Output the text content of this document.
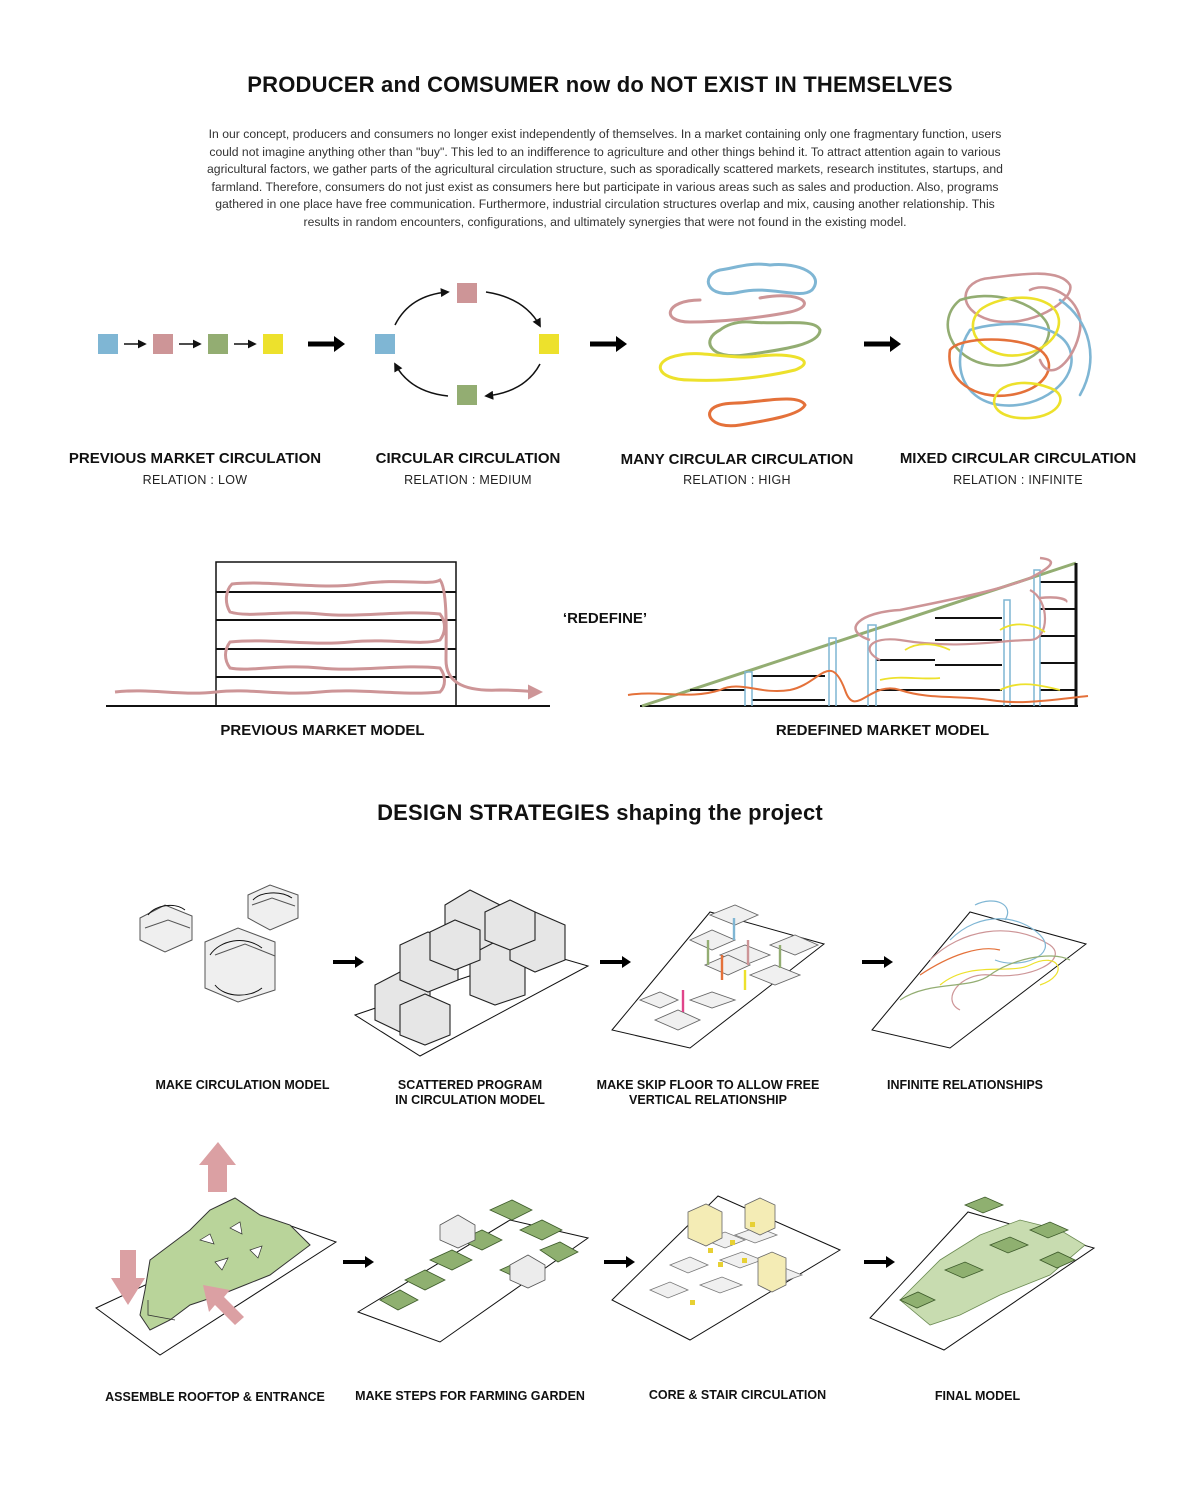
PRODUCER and COMSUMER now do NOT EXIST IN THEMSELVES
In our concept, producers and consumers no longer exist independently of themselves. In a market containing only one fragmentary function, users could not imagine anything other than "buy". This led to an indifference to agriculture and other things behind it. To attract attention again to various agricultural factors, we gather parts of the agricultural circulation structure, such as sporadically scattered markets, research institutes, startups, and farmland. Therefore, consumers do not just exist as consumers here but participate in various areas such as sales and production. Also, programs gathered in one place have free communication. Furthermore, industrial circulation structures overlap and mix, causing another relationship. This results in random encounters, configurations, and ultimately synergies that were not found in the existing model.
PREVIOUS MARKET CIRCULATION
RELATION : LOW
CIRCULAR CIRCULATION
RELATION : MEDIUM
MANY CIRCULAR CIRCULATION
RELATION : HIGH
MIXED CIRCULAR CIRCULATION
RELATION : INFINITE
‘REDEFINE’
PREVIOUS MARKET MODEL	REDEFINED MARKET MODEL
DESIGN STRATEGIES shaping the project
MAKE CIRCULATION MODEL	SCATTERED PROGRAM
IN CIRCULATION MODEL
MAKE SKIP FLOOR TO ALLOW FREE
VERTICAL RELATIONSHIP
INFINITE RELATIONSHIPS
ASSEMBLE ROOFTOP & ENTRANCE	MAKE STEPS FOR FARMING GARDEN	CORE & STAIR CIRCULATION	FINAL MODEL
